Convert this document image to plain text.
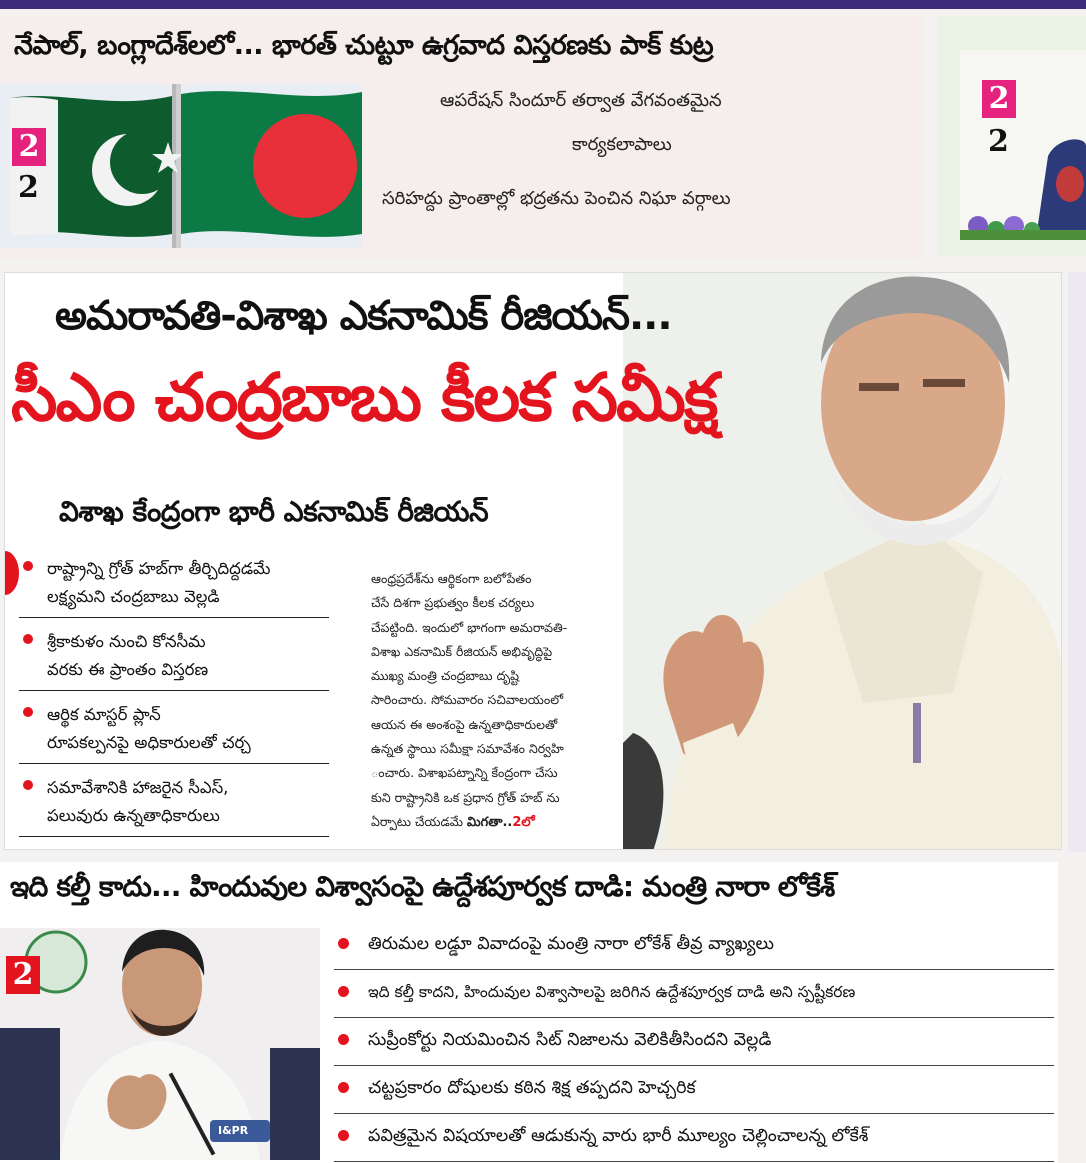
నేపాల్, బంగ్లాదేశ్‌లలో... భారత్ చుట్టూ ఉగ్రవాద విస్తరణకు పాక్ కుట్ర
2
2
ఆపరేషన్ సిందూర్ తర్వాత వేగవంతమైన
కార్యకలాపాలు
సరిహద్దు ప్రాంతాల్లో భద్రతను పెంచిన నిఘా వర్గాలు
2
2
అమరావతి-విశాఖ ఎకనామిక్ రీజియన్...
సీఎం చంద్రబాబు కీలక సమీక్ష
విశాఖ కేంద్రంగా భారీ ఎకనామిక్ రీజియన్
రాష్ట్రాన్ని గ్రోత్ హబ్‌గా తీర్చిదిద్దడమే
లక్ష్యమని చంద్రబాబు వెల్లడి
శ్రీకాకుళం నుంచి కోనసీమ
వరకు ఈ ప్రాంతం విస్తరణ
ఆర్థిక మాస్టర్ ప్లాన్
రూపకల్పనపై అధికారులతో చర్చ
సమావేశానికి హాజరైన సీఎస్,
పలువురు ఉన్నతాధికారులు
ఆంధ్రప్రదేశ్‌ను ఆర్థికంగా బలోపేతం
చేసే దిశగా ప్రభుత్వం కీలక చర్యలు
చేపట్టింది. ఇందులో భాగంగా అమరావతి-
విశాఖ ఎకనామిక్ రీజియన్ అభివృద్ధిపై
ముఖ్య మంత్రి చంద్రబాబు దృష్టి
సారించారు. సోమవారం సచివాలయంలో
ఆయన ఈ అంశంపై ఉన్నతాధికారులతో
ఉన్నత స్థాయి సమీక్షా సమావేశం నిర్వహి
ంచారు. విశాఖపట్నాన్ని కేంద్రంగా చేసు
కుని రాష్ట్రానికి ఒక ప్రధాన గ్రోత్ హబ్ ను
ఏర్పాటు చేయడమే మిగతా..2లో
ఇది కల్తీ కాదు... హిందువుల విశ్వాసంపై ఉద్దేశపూర్వక దాడి: మంత్రి నారా లోకేశ్
2
I&PR
తిరుమల లడ్డూ వివాదంపై మంత్రి నారా లోకేశ్ తీవ్ర వ్యాఖ్యలు
ఇది కల్తీ కాదని, హిందువుల విశ్వాసాలపై జరిగిన ఉద్దేశపూర్వక దాడి అని స్పష్టీకరణ
సుప్రీంకోర్టు నియమించిన సిట్ నిజాలను వెలికితీసిందని వెల్లడి
చట్టప్రకారం దోషులకు కఠిన శిక్ష తప్పదని హెచ్చరిక
పవిత్రమైన విషయాలతో ఆడుకున్న వారు భారీ మూల్యం చెల్లించాలన్న లోకేశ్
